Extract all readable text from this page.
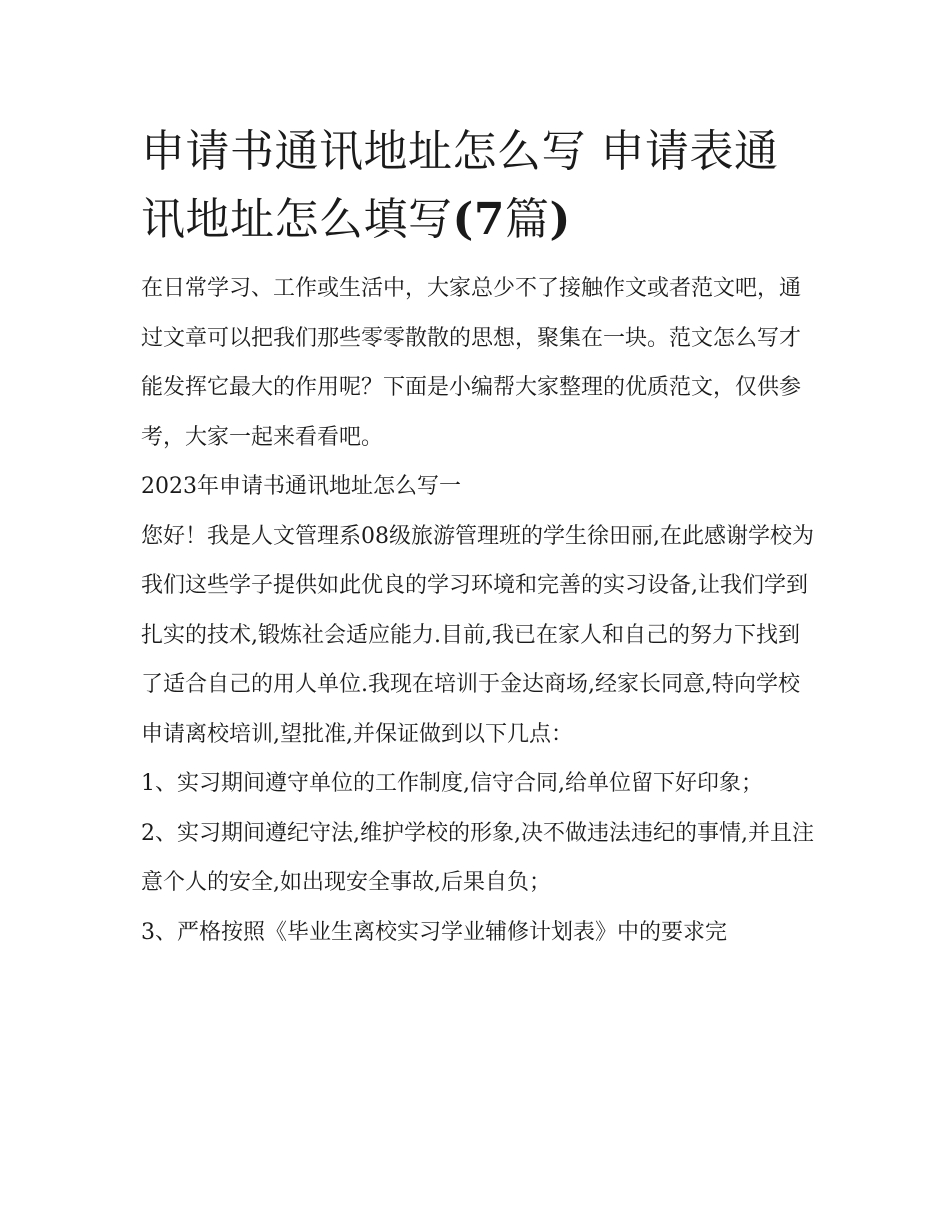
申请书通讯地址怎么写 申请表通讯地址怎么填写(7篇)

在日常学习、工作或生活中，大家总少不了接触作文或者范文吧，通过文章可以把我们那些零零散散的思想，聚集在一块。范文怎么写才能发挥它最大的作用呢？下面是小编帮大家整理的优质范文，仅供参考，大家一起来看看吧。

2023年申请书通讯地址怎么写一

您好！我是人文管理系08级旅游管理班的学生徐田丽,在此感谢学校为我们这些学子提供如此优良的学习环境和完善的实习设备,让我们学到扎实的技术,锻炼社会适应能力.目前,我已在家人和自己的努力下找到了适合自己的用人单位.我现在培训于金达商场,经家长同意,特向学校申请离校培训,望批准,并保证做到以下几点：

1、实习期间遵守单位的工作制度,信守合同,给单位留下好印象；

2、实习期间遵纪守法,维护学校的形象,决不做违法违纪的事情,并且注意个人的安全,如出现安全事故,后果自负；

3、严格按照《毕业生离校实习学业辅修计划表》中的要求完
